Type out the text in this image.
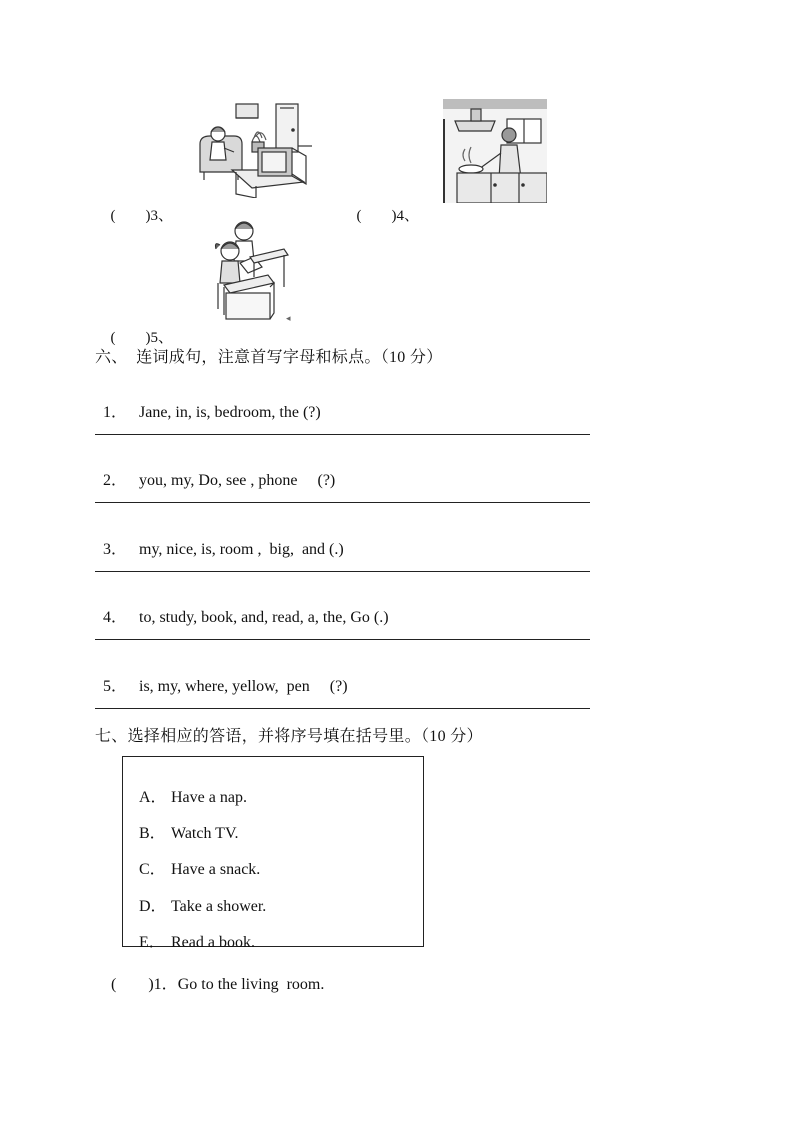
(　　)3、	(　　)4、

(　　)5、

◂
六、  连词成句，注意首写字母和标点。（10 分）

1． Jane, in, is, bedroom, the (?)

2． you, my, Do, see , phone     (?)

3． my, nice, is, room ,  big,  and (.)

4． to, study, book, and, read, a, the, Go (.)

5． is, my, where, yellow,  pen     (?)

七、选择相应的答语，并将序号填在括号里。（10 分）

A． Have a nap.

B． Watch TV.

C． Have a snack.

D． Take a shower.

E． Read a book.

(　　)1．Go to the living  room.
